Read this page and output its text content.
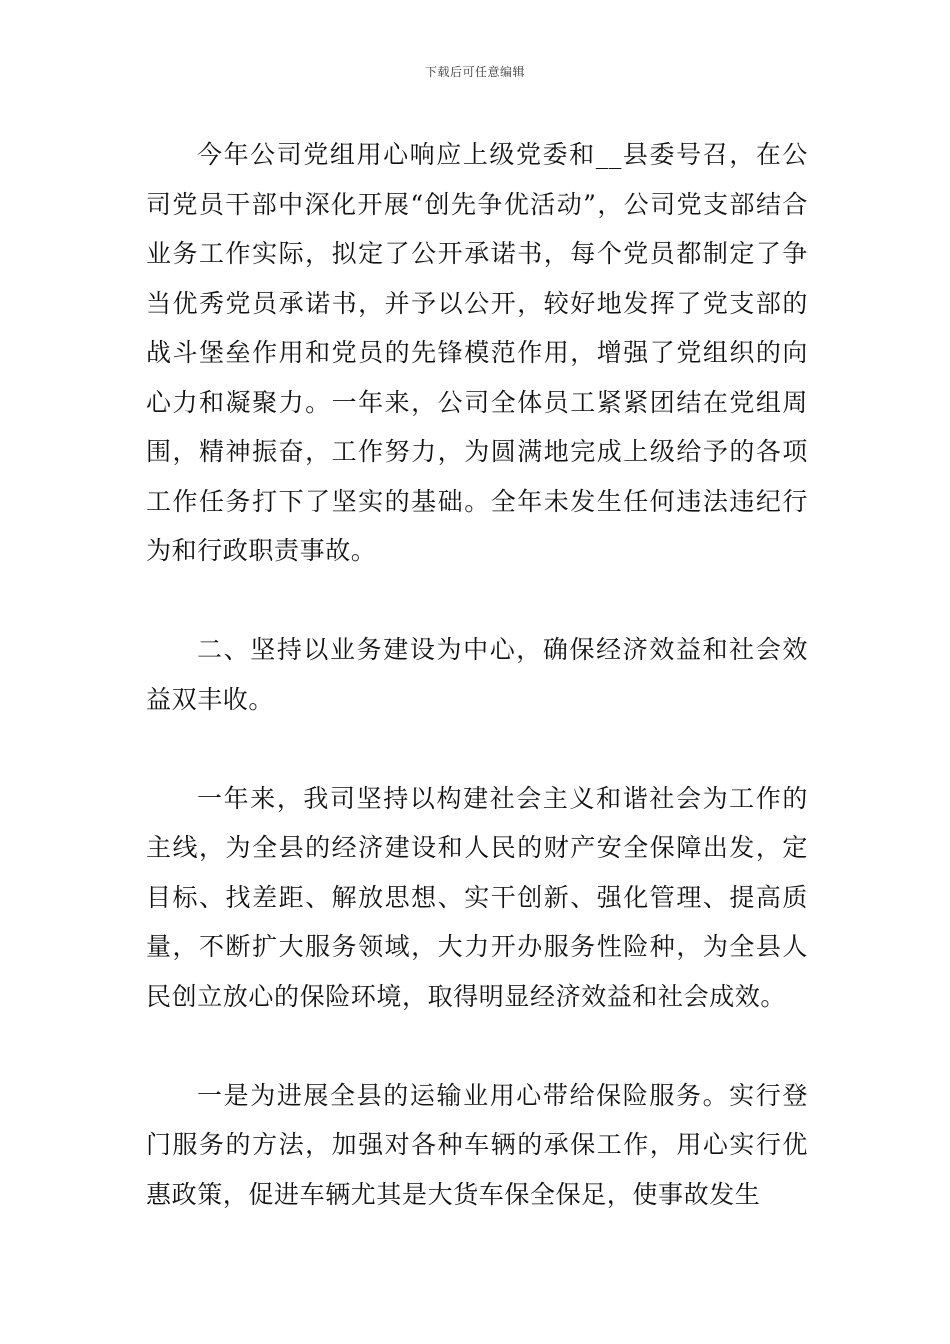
下载后可任意编辑

今年公司党组用心响应上级党委和__县委号召，在公司党员干部中深化开展“创先争优活动”，公司党支部结合业务工作实际，拟定了公开承诺书，每个党员都制定了争当优秀党员承诺书，并予以公开，较好地发挥了党支部的战斗堡垒作用和党员的先锋模范作用，增强了党组织的向心力和凝聚力。一年来，公司全体员工紧紧团结在党组周围，精神振奋，工作努力，为圆满地完成上级给予的各项工作任务打下了坚实的基础。全年未发生任何违法违纪行为和行政职责事故。

二、坚持以业务建设为中心，确保经济效益和社会效益双丰收。

一年来，我司坚持以构建社会主义和谐社会为工作的主线，为全县的经济建设和人民的财产安全保障出发，定目标、找差距、解放思想、实干创新、强化管理、提高质量，不断扩大服务领域，大力开办服务性险种，为全县人民创立放心的保险环境，取得明显经济效益和社会成效。

一是为进展全县的运输业用心带给保险服务。实行登门服务的方法，加强对各种车辆的承保工作，用心实行优惠政策，促进车辆尤其是大货车保全保足，使事故发生
